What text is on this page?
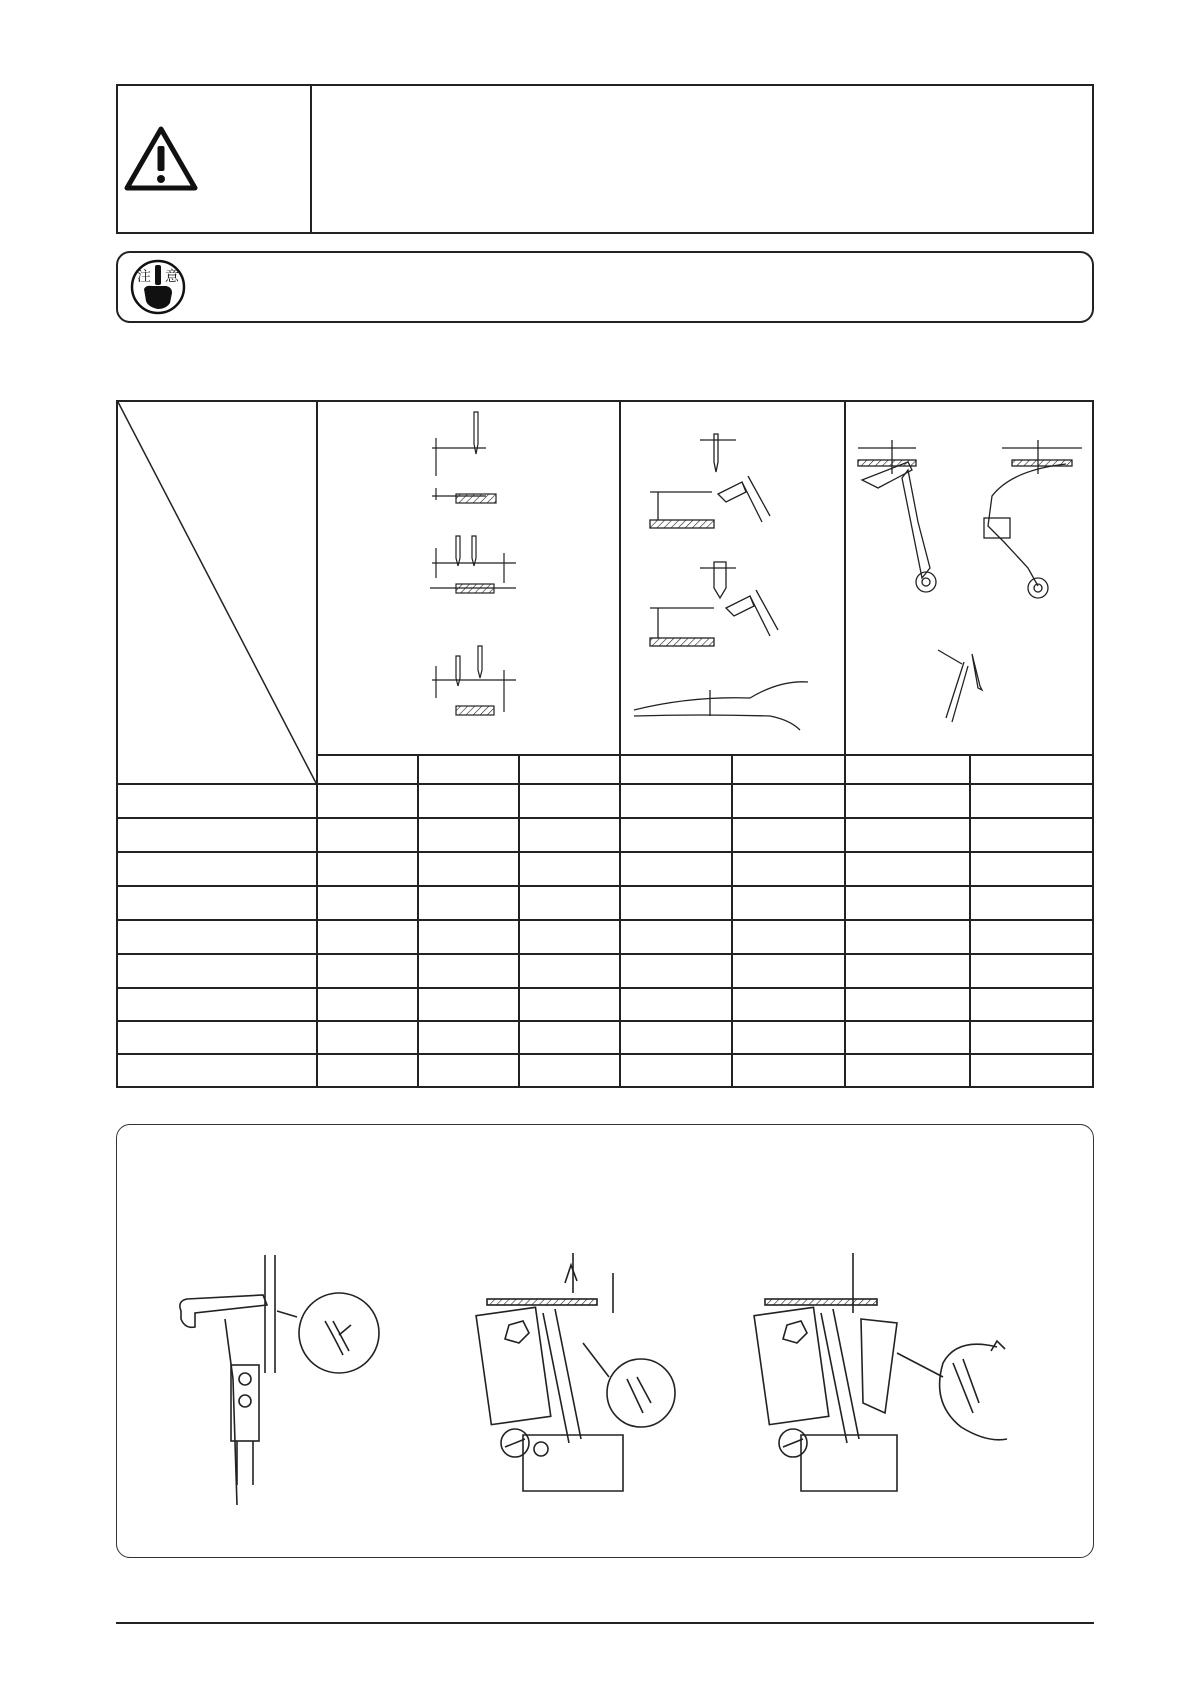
注 意
